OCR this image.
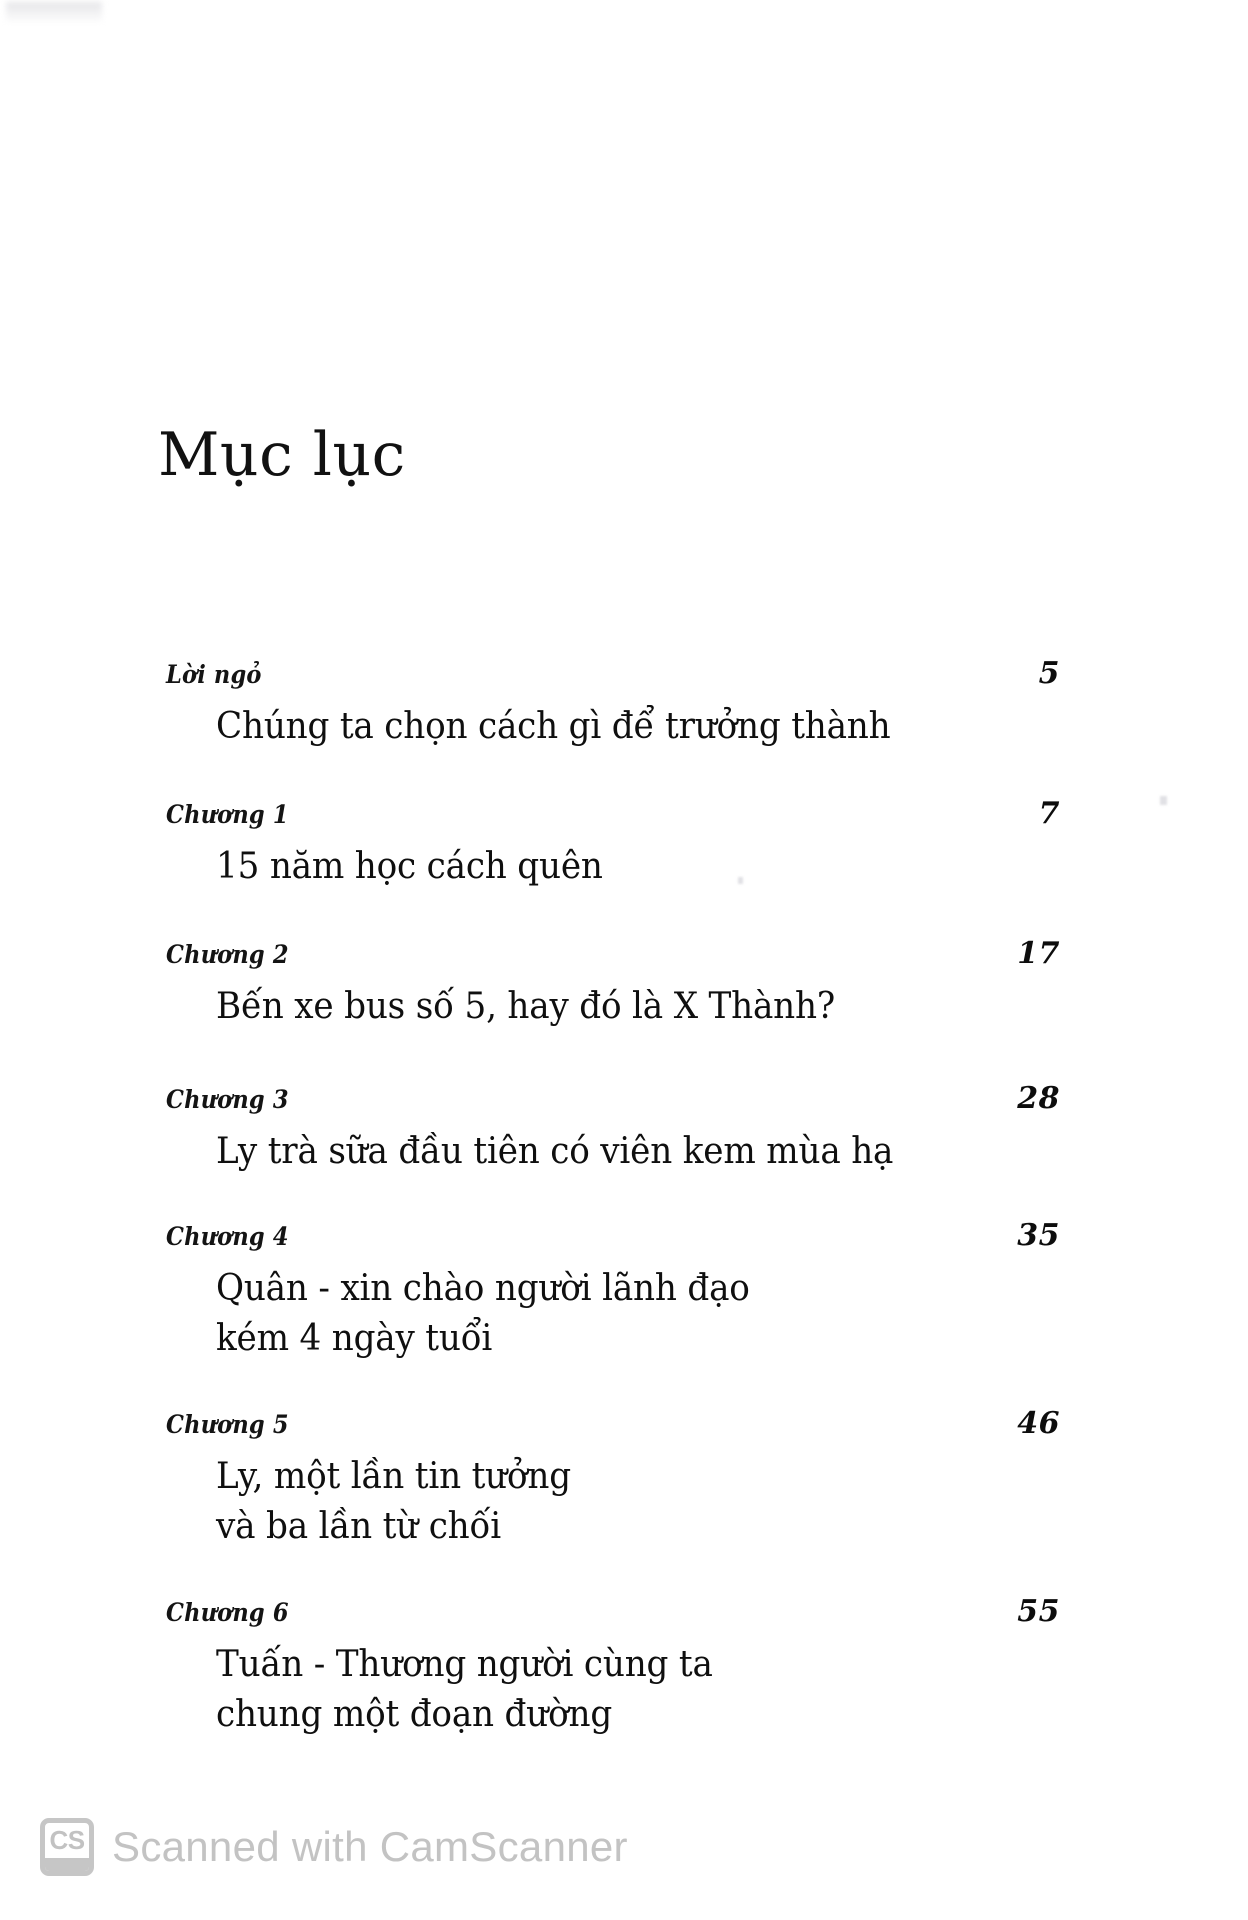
Mục lục
Lời ngỏ	5
Chúng ta chọn cách gì để trưởng thành
Chương 1	7
15 năm học cách quên
Chương 2	17
Bến xe bus số 5, hay đó là X Thành?
Chương 3	28
Ly trà sữa đầu tiên có viên kem mùa hạ
Chương 4	35
Quân - xin chào người lãnh đạo
kém 4 ngày tuổi
Chương 5	46
Ly, một lần tin tưởng
và ba lần từ chối
Chương 6	55
Tuấn - Thương người cùng ta
chung một đoạn đường
CS Scanned with CamScanner
